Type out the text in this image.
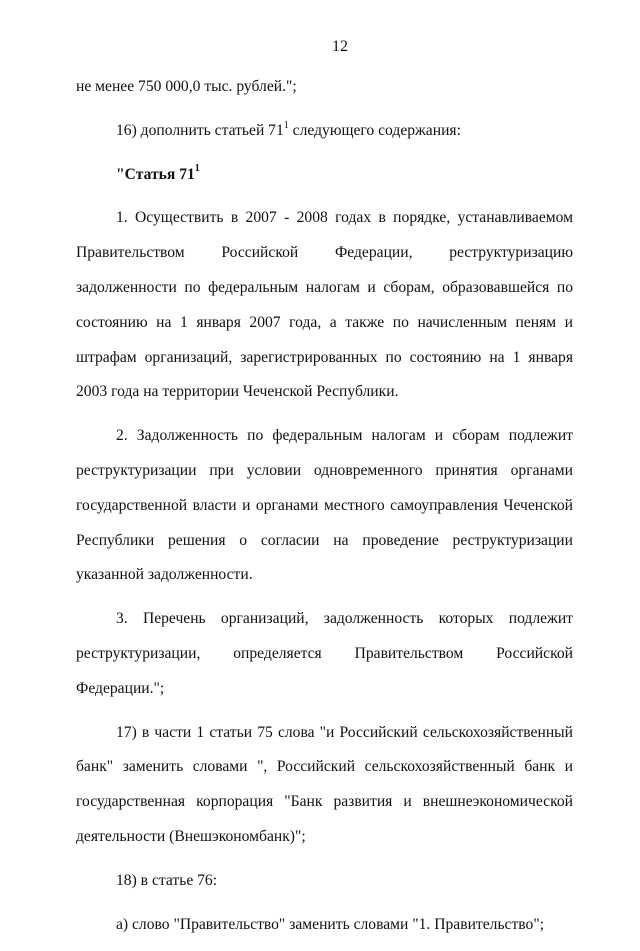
12

не менее 750 000,0 тыс. рублей.";

16) дополнить статьей $71^1$ следующего содержания:

"Статья $71^1$

1. Осуществить в 2007 - 2008 годах в порядке, устанавливаемом Правительством Российской Федерации, реструктуризацию задолженности по федеральным налогам и сборам, образовавшейся по состоянию на 1 января 2007 года, а также по начисленным пеням и штрафам организаций, зарегистрированных по состоянию на 1 января 2003 года на территории Чеченской Республики.

2. Задолженность по федеральным налогам и сборам подлежит реструктуризации при условии одновременного принятия органами государственной власти и органами местного самоуправления Чеченской Республики решения о согласии на проведение реструктуризации указанной задолженности.

3. Перечень организаций, задолженность которых подлежит реструктуризации, определяется Правительством Российской Федерации.";

17) в части 1 статьи 75 слова "и Российский сельскохозяйственный банк" заменить словами ", Российский сельскохозяйственный банк и государственная корпорация "Банк развития и внешнеэкономической деятельности (Внешэкономбанк)";

18) в статье 76:

а) слово "Правительство" заменить словами "1. Правительство";
